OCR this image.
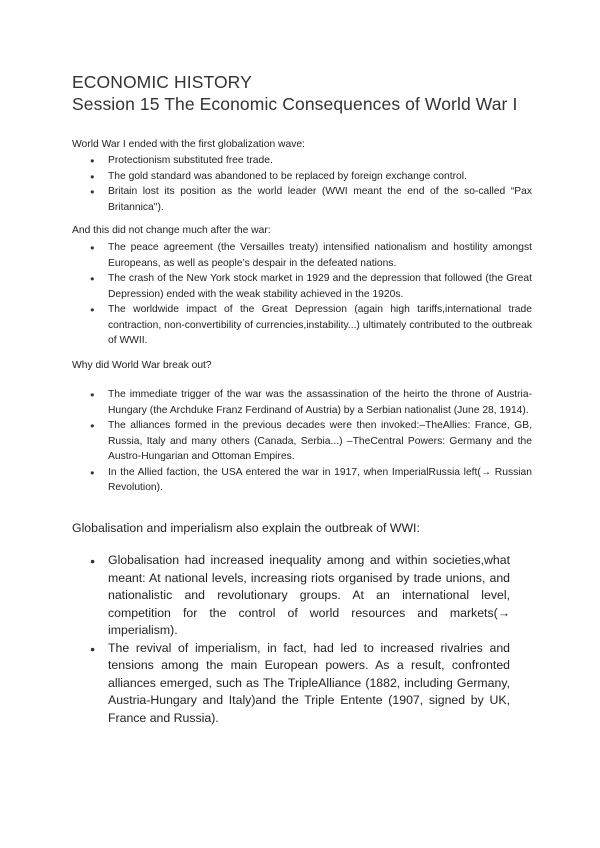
ECONOMIC HISTORY
Session 15 The Economic Consequences of World War I

World War I ended with the first globalization wave:

● Protectionism substituted free trade.
● The gold standard was abandoned to be replaced by foreign exchange control.
● Britain lost its position as the world leader (WWI meant the end of the so-called “Pax Britannica").

And this did not change much after the war:

● The peace agreement (the Versailles treaty) intensified nationalism and hostility amongst Europeans, as well as people’s despair in the defeated nations.
● The crash of the New York stock market in 1929 and the depression that followed (the Great Depression) ended with the weak stability achieved in the 1920s.
● The worldwide impact of the Great Depression (again high tariffs,international trade contraction, non-convertibility of currencies,instability...) ultimately contributed to the outbreak of WWII.

Why did World War break out?

● The immediate trigger of the war was the assassination of the heirto the throne of Austria-Hungary (the Archduke Franz Ferdinand of Austria) by a Serbian nationalist (June 28, 1914).
● The alliances formed in the previous decades were then invoked:–TheAllies: France, GB, Russia, Italy and many others (Canada, Serbia...) –TheCentral Powers: Germany and the Austro-Hungarian and Ottoman Empires.
● In the Allied faction, the USA entered the war in 1917, when ImperialRussia left(→ Russian Revolution).

Globalisation and imperialism also explain the outbreak of WWI:

● Globalisation had increased inequality among and within societies,what meant: At national levels, increasing riots organised by trade unions, and nationalistic and revolutionary groups. At an international level, competition for the control of world resources and markets(→ imperialism).
● The revival of imperialism, in fact, had led to increased rivalries and tensions among the main European powers. As a result, confronted alliances emerged, such as The TripleAlliance (1882, including Germany, Austria-Hungary and Italy)and the Triple Entente (1907, signed by UK, France and Russia).
